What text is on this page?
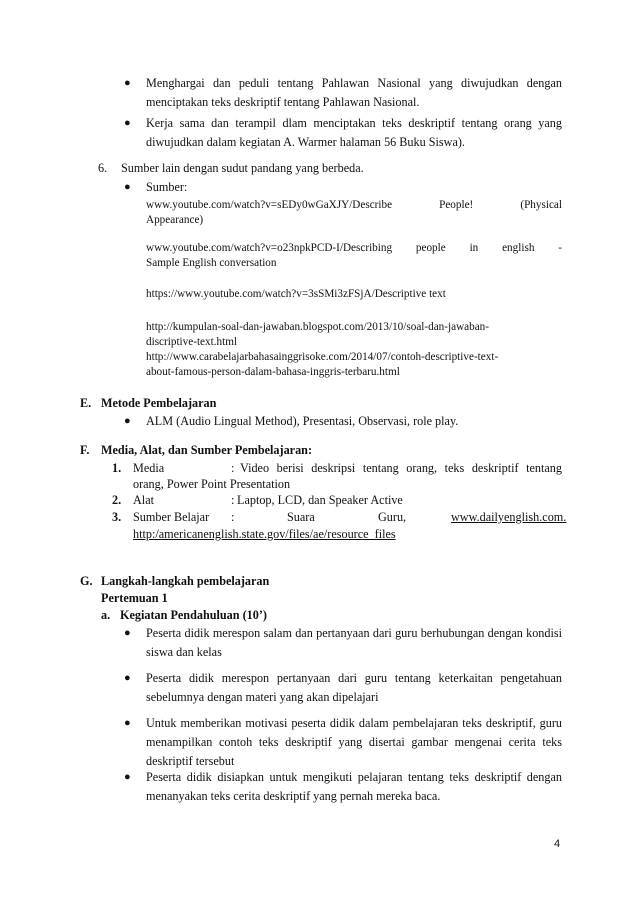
● Menghargai dan peduli tentang Pahlawan Nasional yang diwujudkan dengan menciptakan teks deskriptif tentang Pahlawan Nasional.
● Kerja sama dan terampil dlam menciptakan teks deskriptif tentang orang yang diwujudkan dalam kegiatan A. Warmer halaman 56 Buku Siswa).
6. Sumber lain dengan sudut pandang yang berbeda.
● Sumber:
www.youtube.com/watch?v=sEDy0wGaXJY/Describe	People!	(Physical
Appearance)
www.youtube.com/watch?v=o23npkPCD-I/Describing people in english -
Sample English conversation
https://www.youtube.com/watch?v=3sSMi3zFSjA/Descriptive text
http://kumpulan-soal-dan-jawaban.blogspot.com/2013/10/soal-dan-jawaban-
discriptive-text.html
http://www.carabelajarbahasainggrisoke.com/2014/07/contoh-descriptive-text-
about-famous-person-dalam-bahasa-inggris-terbaru.html
E. Metode Pembelajaran
● ALM (Audio Lingual Method), Presentasi, Observasi, role play.
F. Media, Alat, dan Sumber Pembelajaran:
1. Media	: Video berisi deskripsi tentang orang, teks deskriptif tentang
orang, Power Point Presentation
2. Alat	: Laptop, LCD, dan Speaker Active
3. Sumber Belajar :	Suara	Guru,	www.dailyenglish.com.
http:/americanenglish.state.gov/files/ae/resource_files
G. Langkah-langkah pembelajaran
Pertemuan 1
a. Kegiatan Pendahuluan (10’)
● Peserta didik merespon salam dan pertanyaan dari guru berhubungan dengan kondisi siswa dan kelas
● Peserta didik merespon pertanyaan dari guru tentang keterkaitan pengetahuan sebelumnya dengan materi yang akan dipelajari
● Untuk memberikan motivasi peserta didik dalam pembelajaran teks deskriptif, guru menampilkan contoh teks deskriptif yang disertai gambar mengenai cerita teks deskriptif tersebut
● Peserta didik disiapkan untuk mengikuti pelajaran tentang teks deskriptif dengan menanyakan teks cerita deskriptif yang pernah mereka baca.
4
